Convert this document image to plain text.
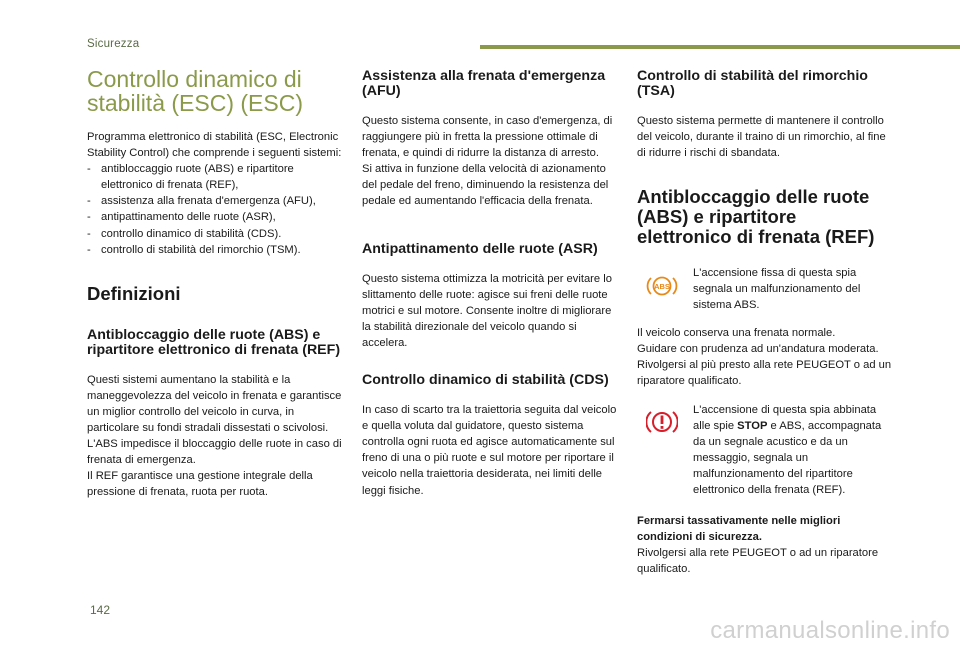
Sicurezza
Controllo dinamico di stabilità (ESC) (ESC)

Programma elettronico di stabilità (ESC, Electronic Stability Control) che comprende i seguenti sistemi:

- antibloccaggio ruote (ABS) e ripartitore elettronico di frenata (REF),
- assistenza alla frenata d'emergenza (AFU),
- antipattinamento delle ruote (ASR),
- controllo dinamico di stabilità (CDS).
- controllo di stabilità del rimorchio (TSM).
Definizioni
Antibloccaggio delle ruote (ABS) e ripartitore elettronico di frenata (REF)

Questi sistemi aumentano la stabilità e la maneggevolezza del veicolo in frenata e garantisce un miglior controllo del veicolo in curva, in particolare su fondi stradali dissestati o scivolosi.

L'ABS impedisce il bloccaggio delle ruote in caso di frenata di emergenza.

Il REF garantisce una gestione integrale della pressione di frenata, ruota per ruota.

Assistenza alla frenata d'emergenza (AFU)

Questo sistema consente, in caso d'emergenza, di raggiungere più in fretta la pressione ottimale di frenata, e quindi di ridurre la distanza di arresto.

Si attiva in funzione della velocità di azionamento del pedale del freno, diminuendo la resistenza del pedale ed aumentando l'efficacia della frenata.

Antipattinamento delle ruote (ASR)

Questo sistema ottimizza la motricità per evitare lo slittamento delle ruote: agisce sui freni delle ruote motrici e sul motore. Consente inoltre di migliorare la stabilità direzionale del veicolo quando si accelera.

Controllo dinamico di stabilità (CDS)

In caso di scarto tra la traiettoria seguita dal veicolo e quella voluta dal guidatore, questo sistema controlla ogni ruota ed agisce automaticamente sul freno di una o più ruote e sul motore per riportare il veicolo nella traiettoria desiderata, nei limiti delle leggi fisiche.

Controllo di stabilità del rimorchio (TSA)

Questo sistema permette di mantenere il controllo del veicolo, durante il traino di un rimorchio, al fine di ridurre i rischi di sbandata.

Antibloccaggio delle ruote (ABS) e ripartitore elettronico di frenata (REF)
ABS

L'accensione fissa di questa spia segnala un malfunzionamento del sistema ABS.

Il veicolo conserva una frenata normale.

Guidare con prudenza ad un'andatura moderata.

Rivolgersi al più presto alla rete PEUGEOT o ad un riparatore qualificato.

L'accensione di questa spia abbinata alle spie STOP e ABS, accompagnata da un segnale acustico e da un messaggio, segnala un malfunzionamento del ripartitore elettronico della frenata (REF).

Fermarsi tassativamente nelle migliori condizioni di sicurezza.

Rivolgersi alla rete PEUGEOT o ad un riparatore qualificato.

142
carmanualsonline.info
